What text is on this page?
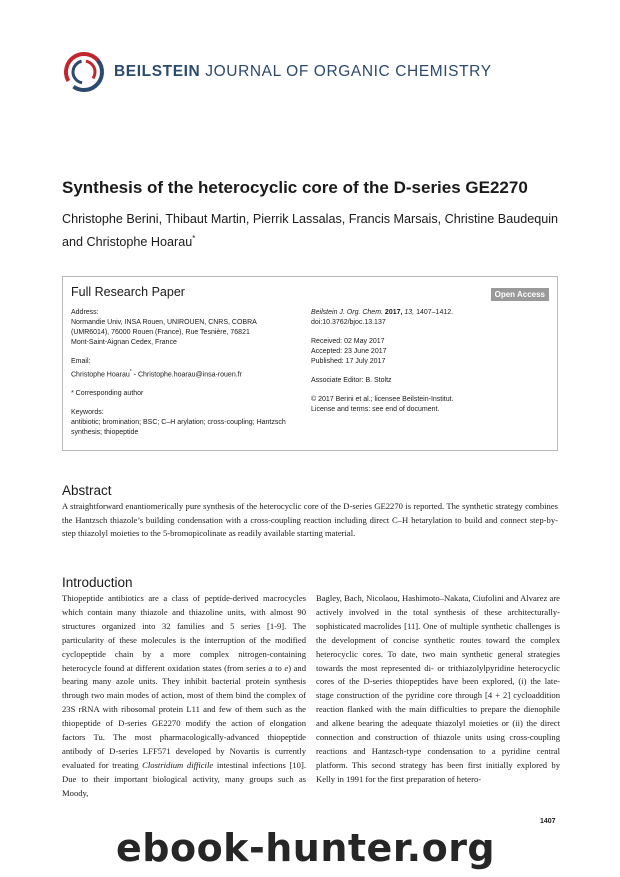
BEILSTEIN JOURNAL OF ORGANIC CHEMISTRY
Synthesis of the heterocyclic core of the D-series GE2270
Christophe Berini, Thibaut Martin, Pierrik Lassalas, Francis Marsais, Christine Baudequin
and Christophe Hoarau*
Full Research Paper	Open Access

Address:

Normandie Univ, INSA Rouen, UNIROUEN, CNRS, COBRA

(UMR6014), 76000 Rouen (France), Rue Tesnière, 76821

Mont-Saint-Aignan Cedex, France

Email:

Christophe Hoarau* - Christophe.hoarau@insa-rouen.fr

* Corresponding author

Keywords:

antibiotic; bromination; BSC; C–H arylation; cross-coupling; Hantzsch

synthesis; thiopeptide

Beilstein J. Org. Chem. 2017, 13, 1407–1412.

doi:10.3762/bjoc.13.137

Received: 02 May 2017

Accepted: 23 June 2017

Published: 17 July 2017

Associate Editor: B. Stoltz

© 2017 Berini et al.; licensee Beilstein-Institut.

License and terms: see end of document.

Abstract
A straightforward enantiomerically pure synthesis of the heterocyclic core of the D-series GE2270 is reported. The synthetic strategy combines the Hantzsch thiazole’s building condensation with a cross-coupling reaction including direct C–H hetarylation to build and connect step-by-step thiazolyl moieties to the 5-bromopicolinate as readily available starting material.
Introduction

Thiopeptide antibiotics are a class of peptide-derived macrocycles which contain many thiazole and thiazoline units, with almost 90 structures organized into 32 families and 5 series [1-9]. The particularity of these molecules is the interruption of the modified cyclopeptide chain by a more complex nitrogen-containing heterocycle found at different oxidation states (from series a to e) and bearing many azole units. They inhibit bacterial protein synthesis through two main modes of action, most of them bind the complex of 23S rRNA with ribosomal protein L11 and few of them such as the thiopeptide of D-series GE2270 modify the action of elongation factors Tu. The most pharmacologically-advanced thiopeptide antibody of D-series LFF571 developed by Novartis is currently evaluated for treating Clostridium difficile intestinal infections [10]. Due to their important biological activity, many groups such as Moody,

Bagley, Bach, Nicolaou, Hashimoto–Nakata, Ciufolini and Alvarez are actively involved in the total synthesis of these architecturally-sophisticated macrolides [11]. One of multiple synthetic challenges is the development of concise synthetic routes toward the complex heterocyclic cores. To date, two main synthetic general strategies towards the most represented di- or trithiazolylpyridine heterocyclic cores of the D-series thiopeptides have been explored, (i) the late-stage construction of the pyridine core through [4 + 2] cycloaddition reaction flanked with the main difficulties to prepare the dienophile and alkene bearing the adequate thiazolyl moieties or (ii) the direct connection and construction of thiazole units using cross-coupling reactions and Hantzsch-type condensation to a pyridine central platform. This second strategy has been first initially explored by Kelly in 1991 for the first preparation of hetero-

1407
ebook-hunter.org
